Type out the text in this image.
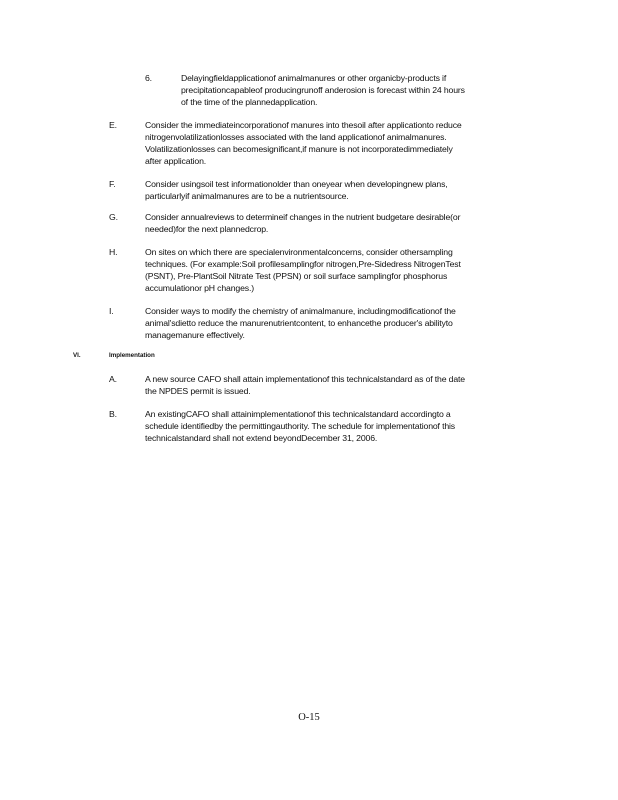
6.	Delayingfieldapplicationof animalmanures or other organicby-products if
precipitationcapableof producingrunoff anderosion is forecast within 24 hours
of the time of the plannedapplication.
E.	Consider the immediateincorporationof manures into thesoil after applicationto reduce
nitrogenvolatilizationlosses associated with the land applicationof animalmanures.
Volatilizationlosses can becomesignificant,if manure is not incorporatedimmediately
after application.
F.	Consider usingsoil test informationolder than oneyear when developingnew plans,
particularlyif animalmanures are to be a nutrientsource.
G.	Consider annualreviews to determineif changes in the nutrient budgetare desirable(or
needed)for the next plannedcrop.
H.	On sites on which there are specialenvironmentalconcerns, consider othersampling
techniques. (For example:Soil profilesamplingfor nitrogen,Pre-Sidedress NitrogenTest
(PSNT), Pre-PlantSoil Nitrate Test (PPSN) or soil surface samplingfor phosphorus
accumulationor pH changes.)
I.	Consider ways to modify the chemistry of animalmanure, includingmodificationof the
animal'sdietto reduce the manurenutrientcontent, to enhancethe producer's abilityto
managemanure effectively.
VI.	Implementation
A.	A new source CAFO shall attain implementationof this technicalstandard as of the date
the NPDES permit is issued.
B.	An existingCAFO shall attainimplementationof this technicalstandard accordingto a
schedule identifiedby the permittingauthority. The schedule for implementationof this
technicalstandard shall not extend beyondDecember 31, 2006.
O-15
